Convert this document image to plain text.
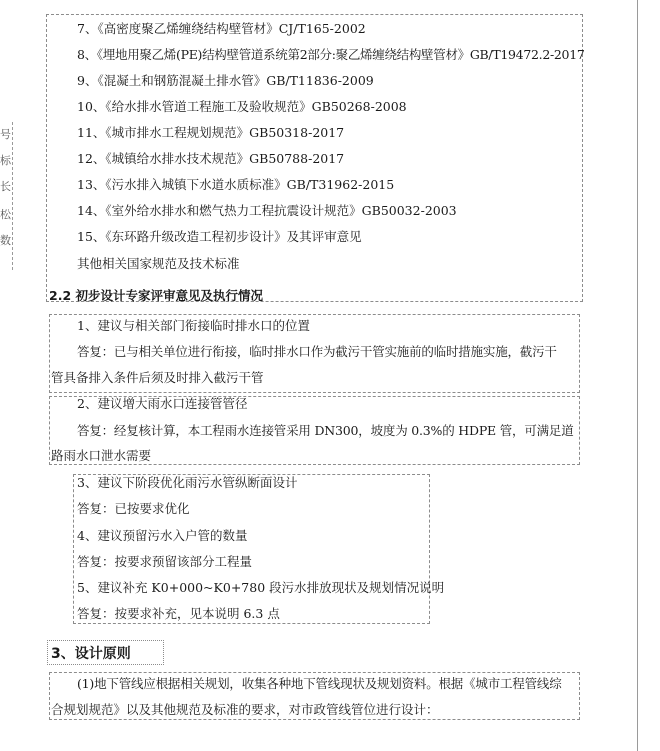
号
标
长
松
数
7、《高密度聚乙烯缠绕结构壁管材》CJ/T165-2002
8、《埋地用聚乙烯(PE)结构壁管道系统第2部分:聚乙烯缠绕结构壁管材》GB/T19472.2-2017
9、《混凝土和钢筋混凝土排水管》GB/T11836-2009
10、《给水排水管道工程施工及验收规范》GB50268-2008
11、《城市排水工程规划规范》GB50318-2017
12、《城镇给水排水技术规范》GB50788-2017
13、《污水排入城镇下水道水质标准》GB/T31962-2015
14、《室外给水排水和燃气热力工程抗震设计规范》GB50032-2003
15、《东环路升级改造工程初步设计》及其评审意见
其他相关国家规范及技术标准
2.2 初步设计专家评审意见及执行情况
1、建议与相关部门衔接临时排水口的位置
答复：已与相关单位进行衔接，临时排水口作为截污干管实施前的临时措施实施，截污干
管具备排入条件后须及时排入截污干管
2、建议增大雨水口连接管管径
答复：经复核计算，本工程雨水连接管采用 DN300，坡度为 0.3%的 HDPE 管，可满足道
路雨水口泄水需要
3、建议下阶段优化雨污水管纵断面设计
答复：已按要求优化
4、建议预留污水入户管的数量
答复：按要求预留该部分工程量
5、建议补充 K0+000~K0+780 段污水排放现状及规划情况说明
答复：按要求补充，见本说明 6.3 点
3、设计原则
(1)地下管线应根据相关规划，收集各种地下管线现状及规划资料。根据《城市工程管线综
合规划规范》以及其他规范及标准的要求，对市政管线管位进行设计：
